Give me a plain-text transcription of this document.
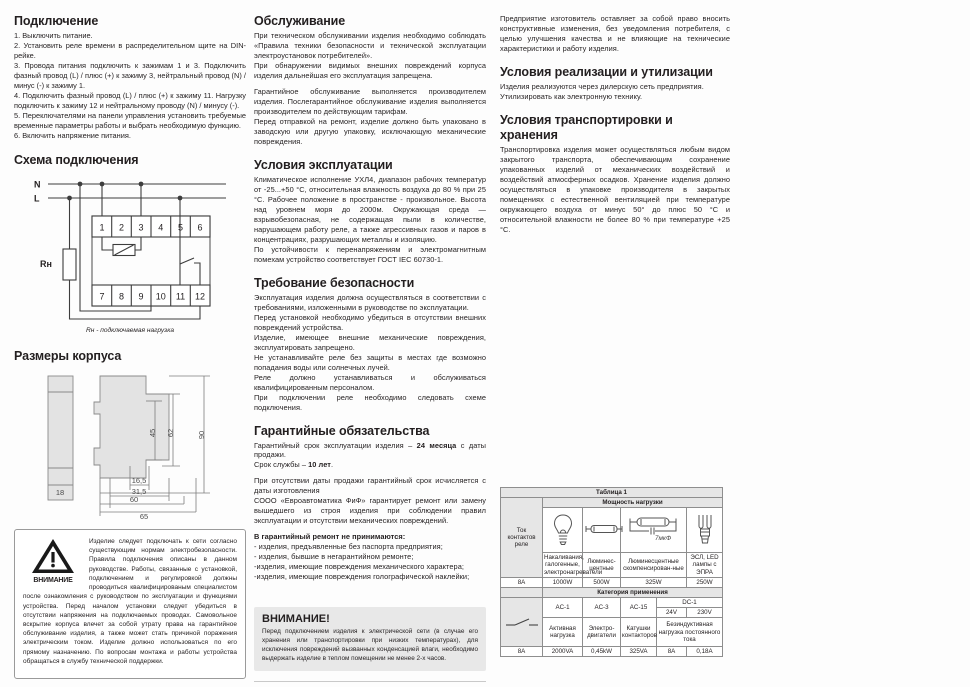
Подключение

1. Выключить питание.

2. Установить реле времени в распределительном щите на DIN-рейке.

3. Провода питания подключить к зажимам 1 и 3. Подключить фазный провод (L) / плюс (+) к зажиму 3, нейтральный провод (N) / минус (-) к зажиму 1.

4. Подключить фазный провод (L) / плюс (+) к зажиму 11. Нагрузку подключить к зажиму 12 и нейтральному проводу (N) / минусу (-).

5. Переключателями на панели управления установить требуемые временные параметры работы и выбрать необходимую функцию.

6. Включить напряжение питания.

Схема подключения
1 2 3 4 5 6
7 8 9 10 11 12
N
L
Rн
Rн - подключаемая нагрузка
Размеры корпуса
18
16,5
31,5
60
65
45 62	90
ВНИМАНИЕ
Изделие следует подключать к сети согласно существующим нормам электробезопасности. Правила подключения описаны в данном руководстве. Работы, связанные с установкой, подключением и регулировкой должны проводиться квалифицированым специалистом после ознакомления с руководством по эксплуатации и функциями устройства. Перед началом установки следует убедиться в отсутствии напряжения на подключаемых проводах. Самовольное вскрытие корпуса влечет за собой утрату права на гарантийное обслуживание изделия, а также может стать причиной поражения электрическим током. Изделие должно использоваться по его прямому назначению. По вопросам монтажа и работы устройства обращаться в службу технической поддержки.
Обслуживание

При техническом обслуживании изделия необходимо соблюдать «Правила техники безопасности и технической эксплуатации электроустановок потребителей».

При обнаружении видимых внешних повреждений корпуса изделия дальнейшая его эксплуатация запрещена.

Гарантийное обслуживание выполняется производителем изделия. Послегарантийное обслуживание изделия выполняется производителем по действующим тарифам.

Перед отправкой на ремонт, изделие должно быть упаковано в заводскую или другую упаковку, исключающую механические повреждения.

Условия эксплуатации

Климатическое исполнение УХЛ4, диапазон рабочих температур от -25...+50 °С, относительная влажность воздуха до 80 % при 25 °С. Рабочее положение в пространстве - произвольное. Высота над уровнем моря до 2000м. Окружающая среда — взрывобезопасная, не содержащая пыли в количестве, нарушающем работу реле, а также агрессивных газов и паров в концентрациях, разрушающих металлы и изоляцию.

По устойчивости к перенапряжениям и электромагнитным помехам устройство соответствует ГОСТ IEC 60730-1.

Требование безопасности

Эксплуатация изделия должна осуществляться в соответствии с требованиями, изложенными в руководстве по эксплуатации.

Перед установкой необходимо убедиться в отсутствии внешних повреждений устройства.

Изделие, имеющее внешние механические повреждения, эксплуатировать запрещено.

Не устанавливайте реле без защиты в местах где возможно попадания воды или солнечных лучей.

Реле должно устанавливаться и обслуживаться квалифицированным персоналом.

При подключении реле необходимо следовать схеме подключения.

Гарантийные обязательства

Гарантийный срок эксплуатации изделия – 24 месяца с даты продажи.

Срок службы – 10 лет.

При отсутствии даты продажи гарантийный срок исчисляется с даты изготовления

СООО «Евроавтоматика ФиФ» гарантирует ремонт или замену вышедшего из строя изделия при соблюдении правил эксплуатации и отсутствии механических повреждений.

В гарантийный ремонт не принимаются:

- изделия, предъявленные без паспорта предприятия;

- изделия, бывшие в негарантийном ремонте;

-изделия, имеющие повреждения механического характера;

-изделия, имеющие повреждения голографической наклейки;

ВНИМАНИЕ!

Перед подключением изделия к электрической сети (в случае его хранения или транспортировки при низких температурах), для исключения повреждений вызванных конденсацией влаги, необходимо выдержать изделие в теплом помещении не менее 2-х часов.

Предприятие изготовитель оставляет за собой право вносить конструктивные изменения, без уведомления потребителя, с целью улучшения качества и не влияющие на технические характеристики и работу изделия.

Условия реализации и утилизации

Изделия реализуются через дилерскую сеть предприятия.

Утилизировать как электронную технику.

Условия транспортировки и хранения

Транспортировка изделия может осуществляться любым видом закрытого транспорта, обеспечивающим сохранение упакованных изделий от механических воздействий и воздействий атмосферных осадков. Хранение изделия должно осуществляться в упаковке производителя в закрытых помещениях с естественной вентиляцией при температуре окружающего воздуха от минус 50° до плюс 50 °С и относительной влажности не более 80 % при температуре +25 °С.

Таблица 1					
Ток контактов реле	Мощность нагрузки				

7мкФ

	Накаливания, галогенные, электронагреватели	Люминес-центные	Люминесцентные скомпенсирован-ные		ЭСЛ, LED лампы с ЭПРА
8А	1000W	500W	325W		250W
	Категория применения				

	AC-1	AC-3	AC-15	DC-1	
				24V	230V
	Активная нагрузка	Электро-двигатели	Катушки контакторов	Безиндуктивная нагрузка постоянного тока	
8А	2000VA	0,45kW	325VA	8A	0,18A
